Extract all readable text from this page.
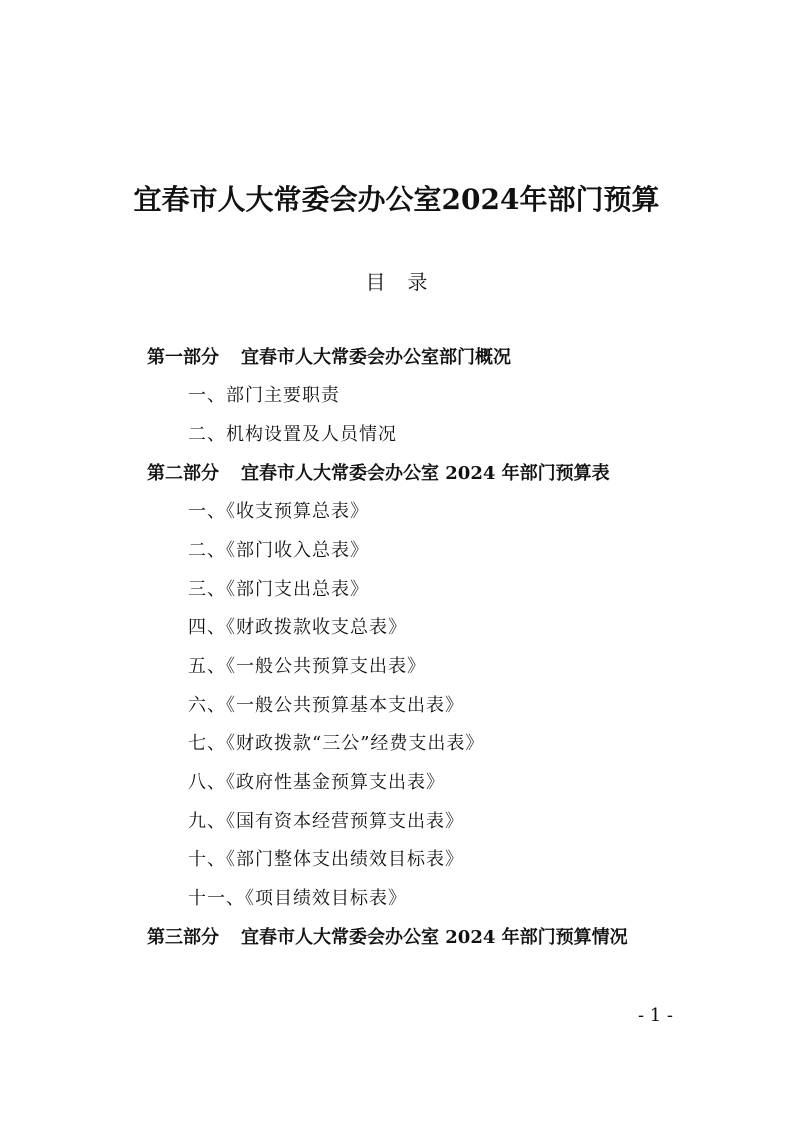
宜春市人大常委会办公室2024年部门预算
目 录
第一部分 宜春市人大常委会办公室部门概况
一、部门主要职责
二、机构设置及人员情况
第二部分 宜春市人大常委会办公室 2024 年部门预算表
一、《收支预算总表》
二、《部门收入总表》
三、《部门支出总表》
四、《财政拨款收支总表》
五、《一般公共预算支出表》
六、《一般公共预算基本支出表》
七、《财政拨款“三公”经费支出表》
八、《政府性基金预算支出表》
九、《国有资本经营预算支出表》
十、《部门整体支出绩效目标表》
十一、《项目绩效目标表》
第三部分 宜春市人大常委会办公室 2024 年部门预算情况
- 1 -
